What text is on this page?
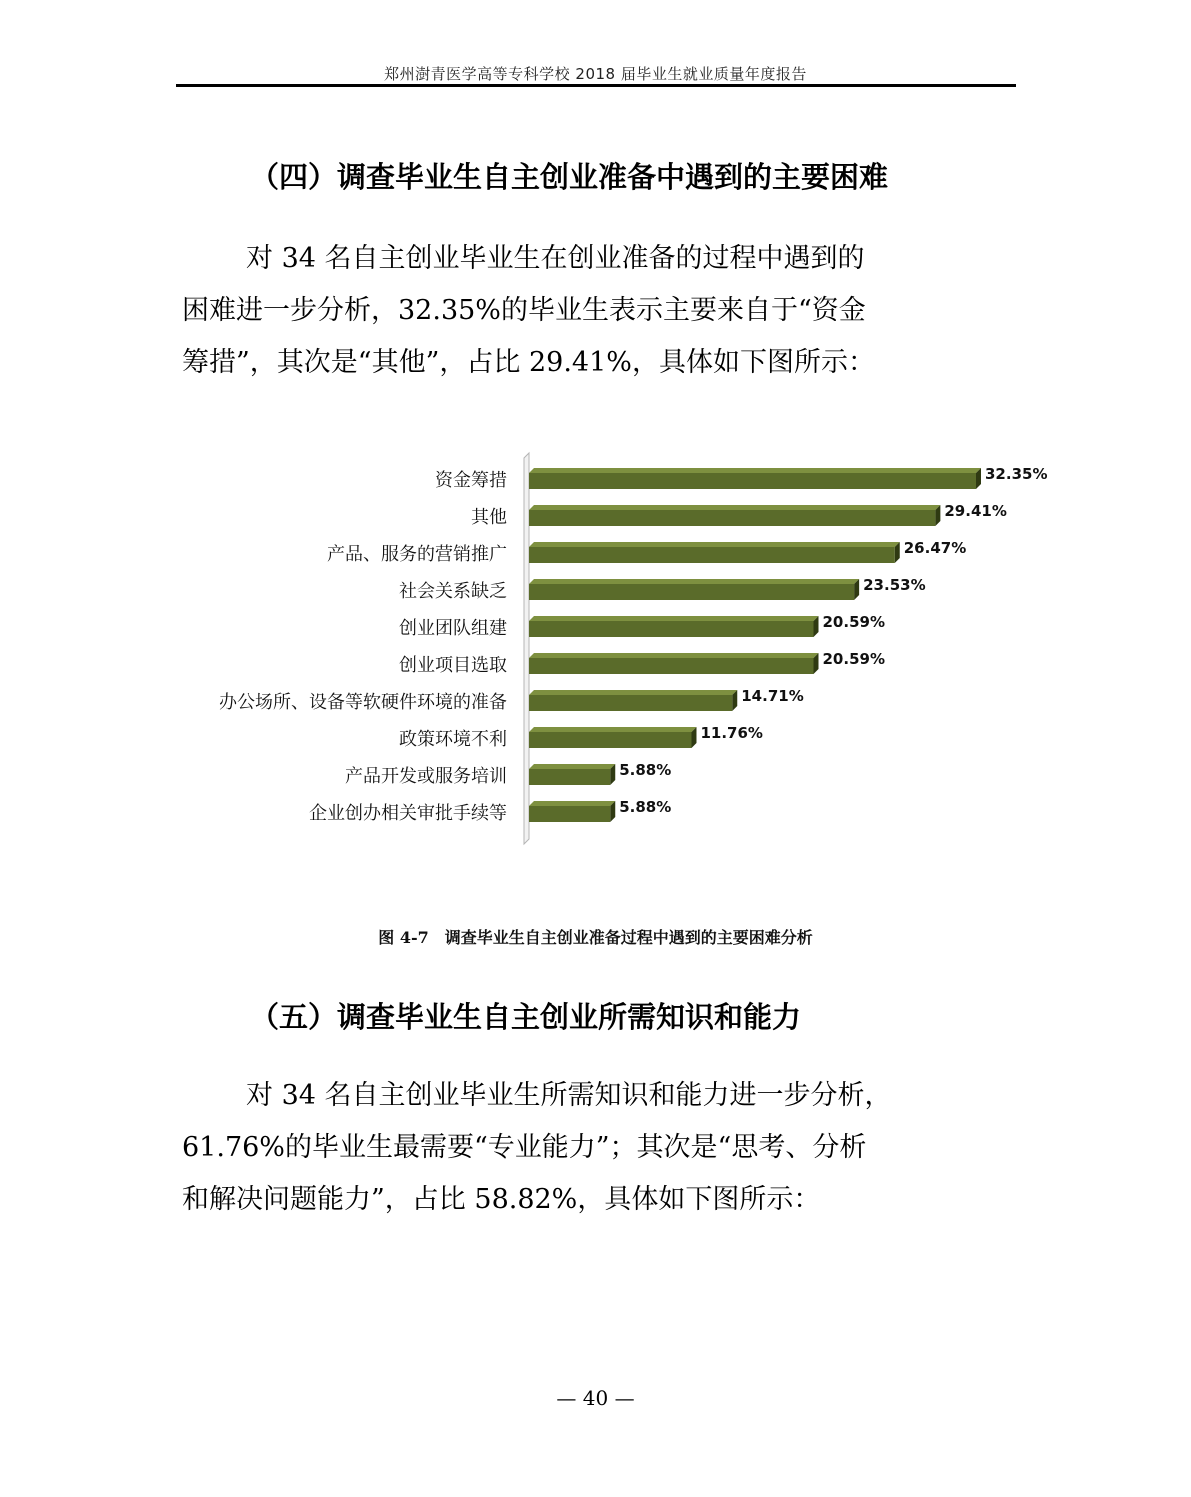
郑州澍青医学高等专科学校 2018 届毕业生就业质量年度报告
（四）调查毕业生自主创业准备中遇到的主要困难

对 34 名自主创业毕业生在创业准备的过程中遇到的

困难进一步分析，32.35%的毕业生表示主要来自于“资金

筹措”，其次是“其他”，占比 29.41%，具体如下图所示：

资金筹措	32.35%
其他	29.41%
产品、服务的营销推广	26.47%
社会关系缺乏	23.53%
创业团队组建	20.59%
创业项目选取	20.59%
办公场所、设备等软硬件环境的准备	14.71%
政策环境不利	11.76%
产品开发或服务培训	5.88%
企业创办相关审批手续等	5.88%
图 4-7　调查毕业生自主创业准备过程中遇到的主要困难分析
（五）调查毕业生自主创业所需知识和能力

对 34 名自主创业毕业生所需知识和能力进一步分析，

61.76%的毕业生最需要“专业能力”；其次是“思考、分析

和解决问题能力”，占比 58.82%，具体如下图所示：

— 40 —
